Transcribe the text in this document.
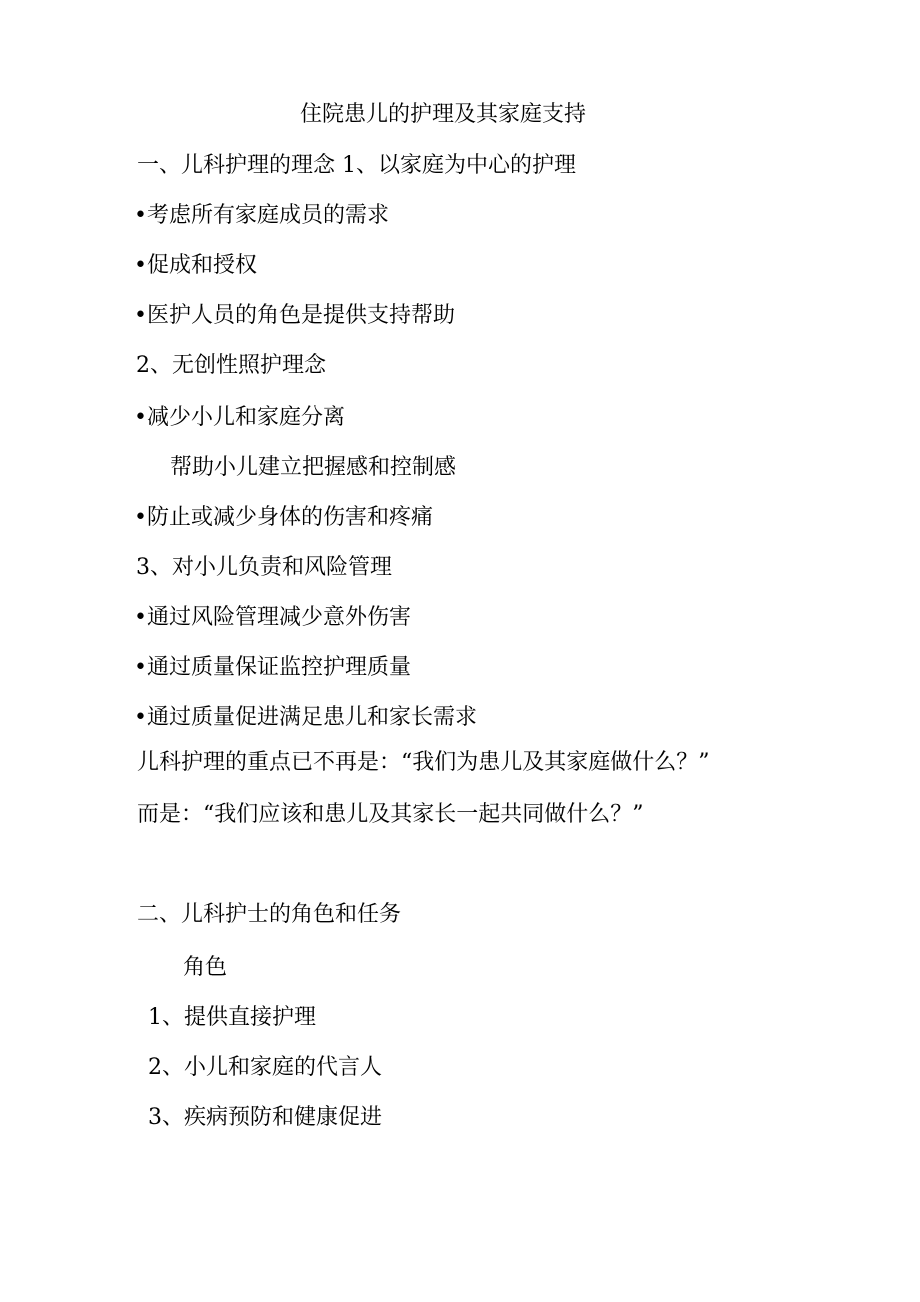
住院患儿的护理及其家庭支持

一、儿科护理的理念 1、以家庭为中心的护理

•考虑所有家庭成员的需求

•促成和授权

•医护人员的角色是提供支持帮助

2、无创性照护理念

•减少小儿和家庭分离

帮助小儿建立把握感和控制感

•防止或减少身体的伤害和疼痛

3、对小儿负责和风险管理

•通过风险管理减少意外伤害

•通过质量保证监控护理质量

•通过质量促进满足患儿和家长需求

儿科护理的重点已不再是：“我们为患儿及其家庭做什么？”

而是：“我们应该和患儿及其家长一起共同做什么？”

二、儿科护士的角色和任务

角色

1、提供直接护理

2、小儿和家庭的代言人

3、疾病预防和健康促进
